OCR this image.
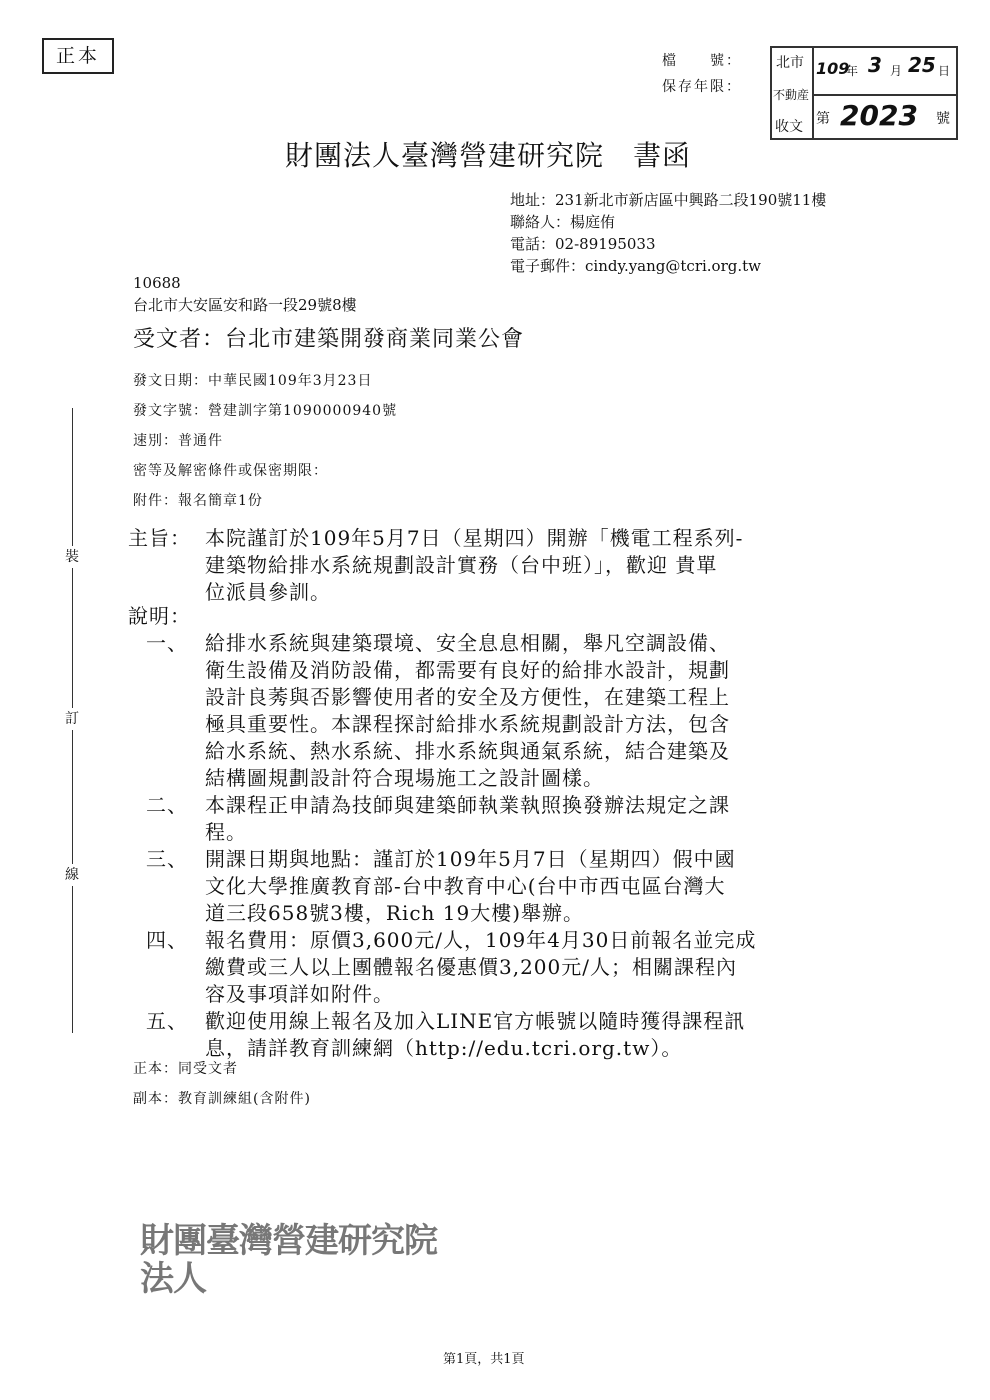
正本	檔　　號：
保存年限：
北市
不動産
收文
109
年 3 月 25 日
第 2023 號
財團法人臺灣營建研究院　書函
地址：231新北市新店區中興路二段190號11樓
聯絡人：楊庭侑
電話：02-89195033
電子郵件：cindy.yang@tcri.org.tw
10688
台北市大安區安和路一段29號8樓
受文者：台北市建築開發商業同業公會
發文日期：中華民國109年3月23日
發文字號：營建訓字第1090000940號
速別：普通件
密等及解密條件或保密期限：
附件：報名簡章1份
裝
訂
線
主旨： 本院謹訂於109年5月7日（星期四）開辦「機電工程系列-
建築物給排水系統規劃設計實務（台中班）」，歡迎 貴單
位派員參訓。
說明：
一、 給排水系統與建築環境、安全息息相關，舉凡空調設備、
衛生設備及消防設備，都需要有良好的給排水設計，規劃
設計良莠與否影響使用者的安全及方便性，在建築工程上
極具重要性。本課程探討給排水系統規劃設計方法，包含
給水系統、熱水系統、排水系統與通氣系統，結合建築及
結構圖規劃設計符合現場施工之設計圖樣。
二、 本課程正申請為技師與建築師執業執照換發辦法規定之課
程。
三、 開課日期與地點：謹訂於109年5月7日（星期四）假中國
文化大學推廣教育部-台中教育中心(台中市西屯區台灣大
道三段658號3樓，Rich 19大樓)舉辦。
四、 報名費用：原價3,600元/人，109年4月30日前報名並完成
繳費或三人以上團體報名優惠價3,200元/人；相關課程內
容及事項詳如附件。
五、 歡迎使用線上報名及加入LINE官方帳號以隨時獲得課程訊
息，請詳教育訓練網（http://edu.tcri.org.tw）。
正本：同受文者
副本：教育訓練組(含附件)
財團臺灣營建研究院
法人
第1頁，共1頁
